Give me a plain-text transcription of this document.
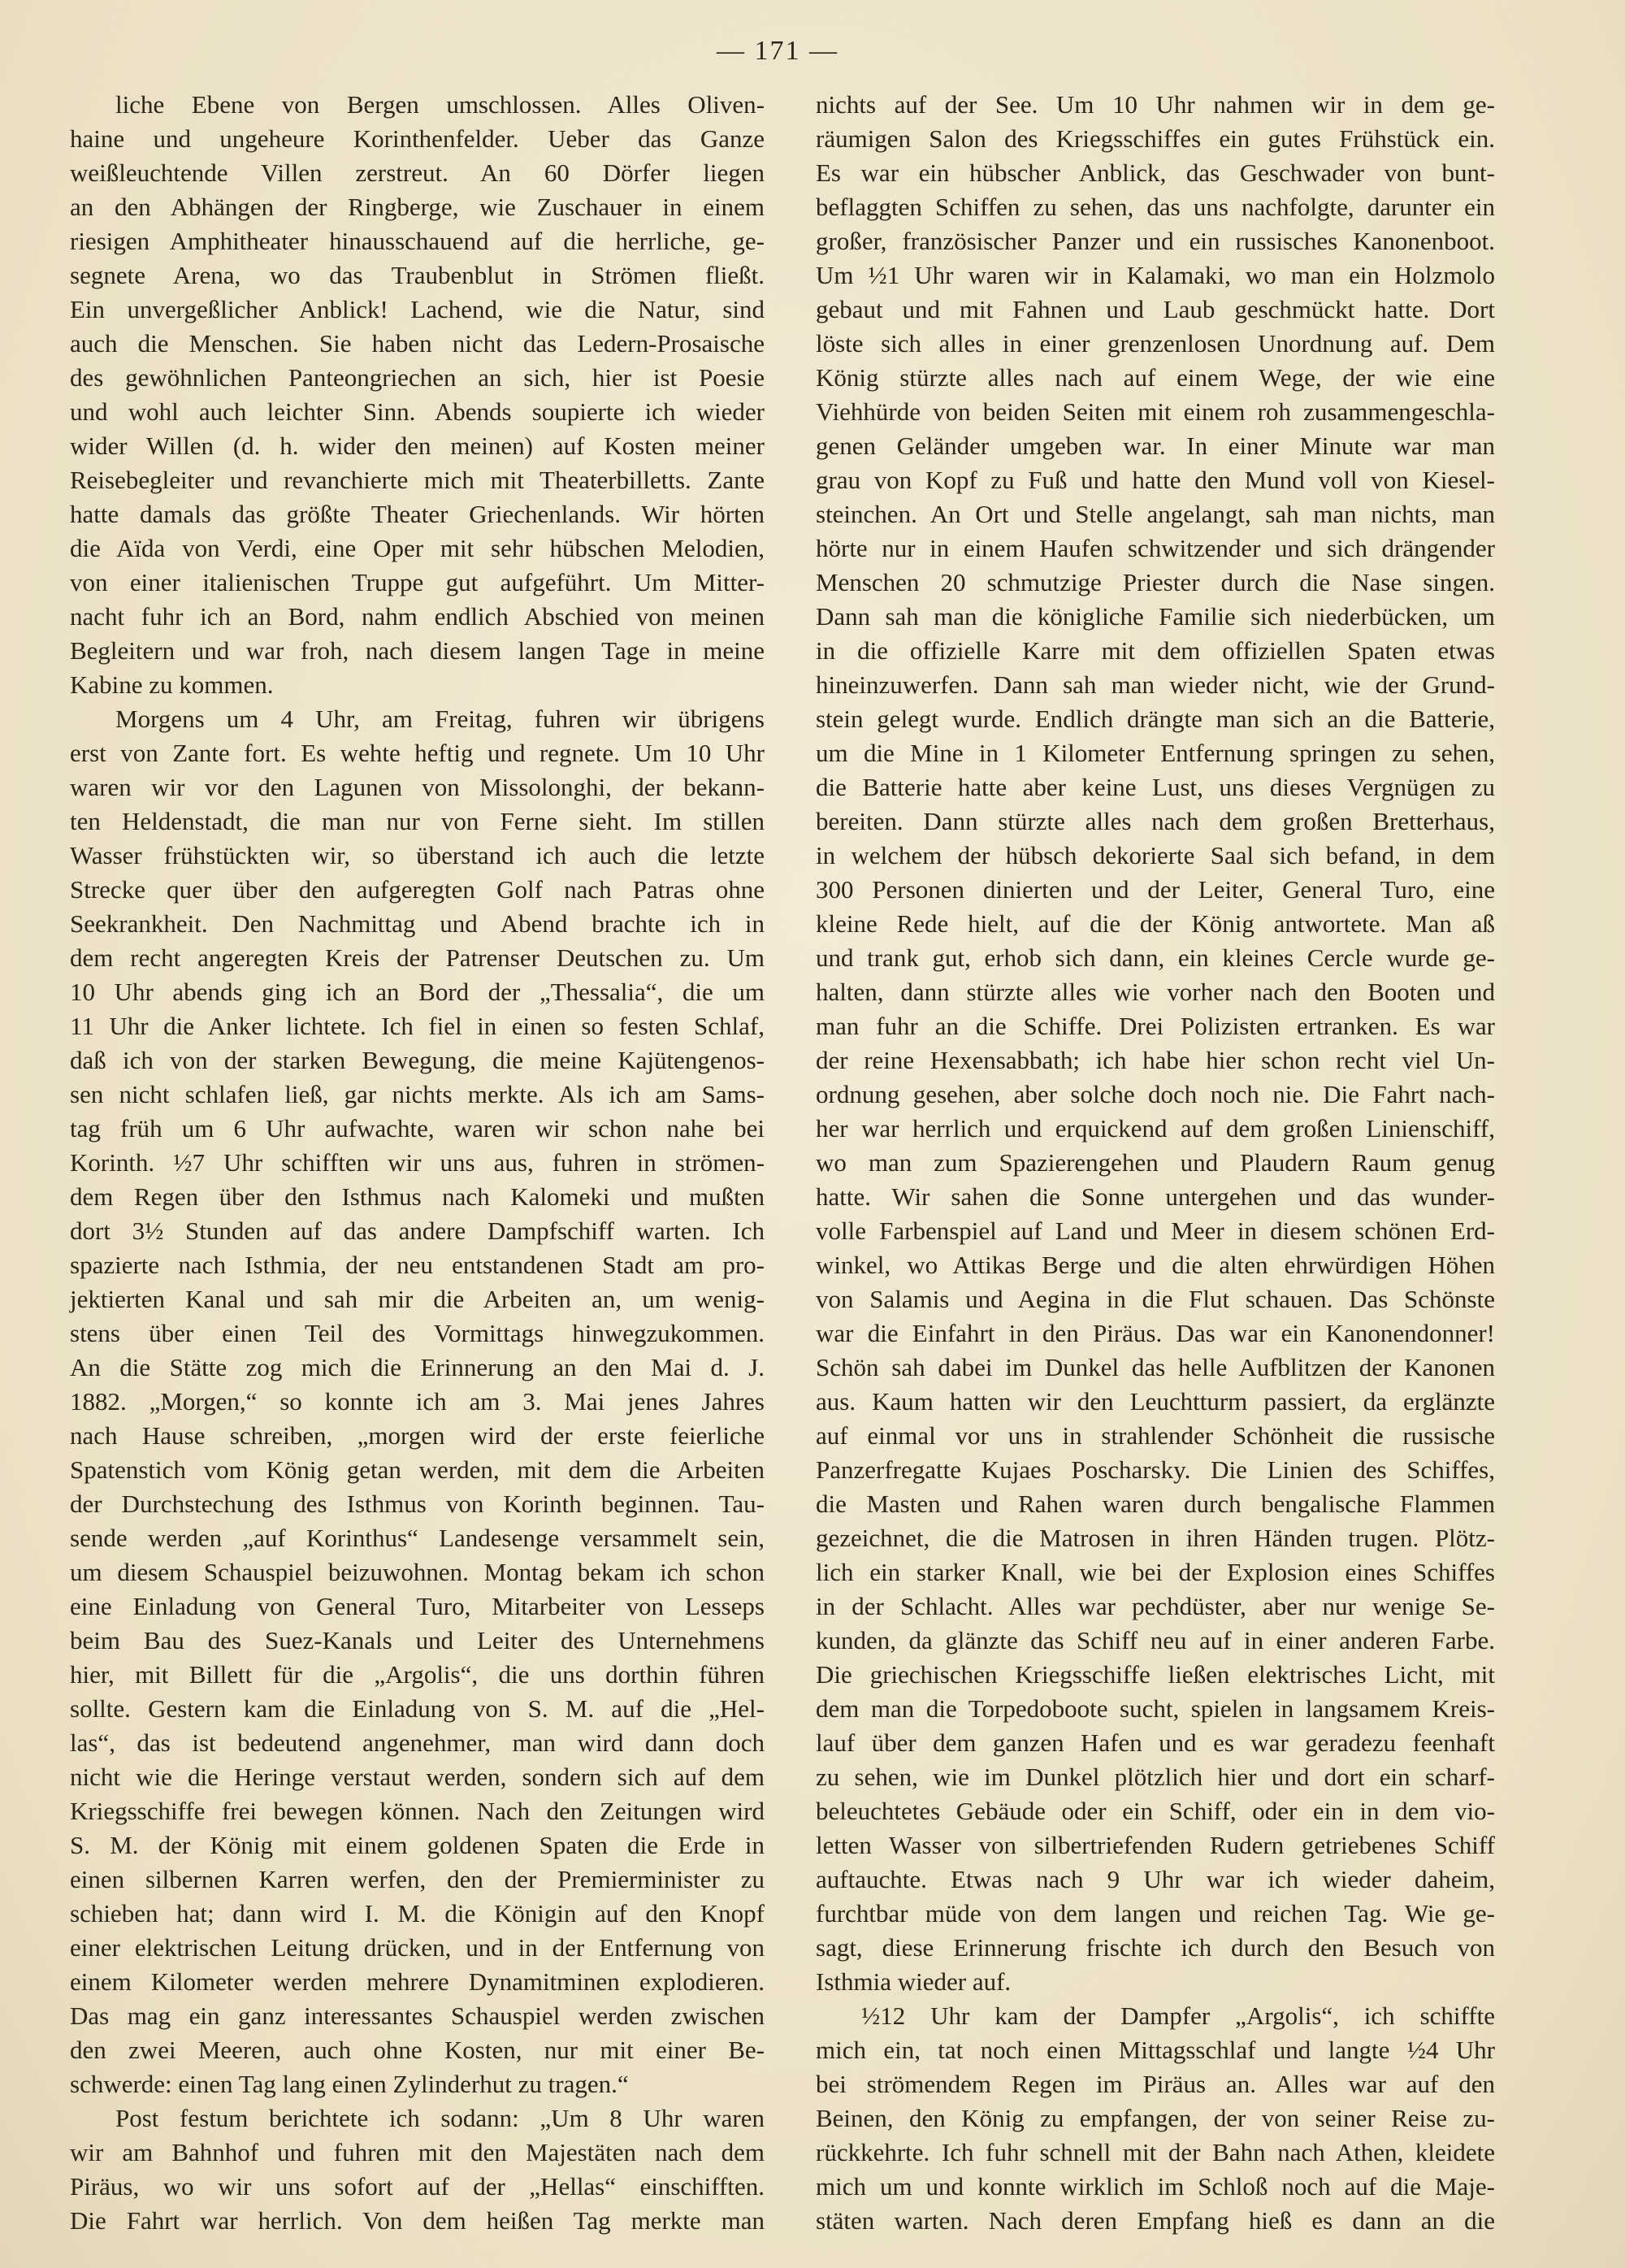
— 171 —
liche Ebene von Bergen umschlossen. Alles Oliven-
haine und ungeheure Korinthenfelder. Ueber das Ganze
weißleuchtende Villen zerstreut. An 60 Dörfer liegen
an den Abhängen der Ringberge, wie Zuschauer in einem
riesigen Amphitheater hinausschauend auf die herrliche, ge-
segnete Arena, wo das Traubenblut in Strömen fließt.
Ein unvergeßlicher Anblick! Lachend, wie die Natur, sind
auch die Menschen. Sie haben nicht das Ledern-Prosaische
des gewöhnlichen Panteongriechen an sich, hier ist Poesie
und wohl auch leichter Sinn. Abends soupierte ich wieder
wider Willen (d. h. wider den meinen) auf Kosten meiner
Reisebegleiter und revanchierte mich mit Theaterbilletts. Zante
hatte damals das größte Theater Griechenlands. Wir hörten
die Aïda von Verdi, eine Oper mit sehr hübschen Melodien,
von einer italienischen Truppe gut aufgeführt. Um Mitter-
nacht fuhr ich an Bord, nahm endlich Abschied von meinen
Begleitern und war froh, nach diesem langen Tage in meine
Kabine zu kommen.
Morgens um 4 Uhr, am Freitag, fuhren wir übrigens
erst von Zante fort. Es wehte heftig und regnete. Um 10 Uhr
waren wir vor den Lagunen von Missolonghi, der bekann-
ten Heldenstadt, die man nur von Ferne sieht. Im stillen
Wasser frühstückten wir, so überstand ich auch die letzte
Strecke quer über den aufgeregten Golf nach Patras ohne
Seekrankheit. Den Nachmittag und Abend brachte ich in
dem recht angeregten Kreis der Patrenser Deutschen zu. Um
10 Uhr abends ging ich an Bord der „Thessalia“, die um
11 Uhr die Anker lichtete. Ich fiel in einen so festen Schlaf,
daß ich von der starken Bewegung, die meine Kajütengenos-
sen nicht schlafen ließ, gar nichts merkte. Als ich am Sams-
tag früh um 6 Uhr aufwachte, waren wir schon nahe bei
Korinth. ½7 Uhr schifften wir uns aus, fuhren in strömen-
dem Regen über den Isthmus nach Kalomeki und mußten
dort 3½ Stunden auf das andere Dampfschiff warten. Ich
spazierte nach Isthmia, der neu entstandenen Stadt am pro-
jektierten Kanal und sah mir die Arbeiten an, um wenig-
stens über einen Teil des Vormittags hinwegzukommen.
An die Stätte zog mich die Erinnerung an den Mai d. J.
1882. „Morgen,“ so konnte ich am 3. Mai jenes Jahres
nach Hause schreiben, „morgen wird der erste feierliche
Spatenstich vom König getan werden, mit dem die Arbeiten
der Durchstechung des Isthmus von Korinth beginnen. Tau-
sende werden „auf Korinthus“ Landesenge versammelt sein,
um diesem Schauspiel beizuwohnen. Montag bekam ich schon
eine Einladung von General Turo, Mitarbeiter von Lesseps
beim Bau des Suez-Kanals und Leiter des Unternehmens
hier, mit Billett für die „Argolis“, die uns dorthin führen
sollte. Gestern kam die Einladung von S. M. auf die „Hel-
las“, das ist bedeutend angenehmer, man wird dann doch
nicht wie die Heringe verstaut werden, sondern sich auf dem
Kriegsschiffe frei bewegen können. Nach den Zeitungen wird
S. M. der König mit einem goldenen Spaten die Erde in
einen silbernen Karren werfen, den der Premierminister zu
schieben hat; dann wird I. M. die Königin auf den Knopf
einer elektrischen Leitung drücken, und in der Entfernung von
einem Kilometer werden mehrere Dynamitminen explodieren.
Das mag ein ganz interessantes Schauspiel werden zwischen
den zwei Meeren, auch ohne Kosten, nur mit einer Be-
schwerde: einen Tag lang einen Zylinderhut zu tragen.“
Post festum berichtete ich sodann: „Um 8 Uhr waren
wir am Bahnhof und fuhren mit den Majestäten nach dem
Piräus, wo wir uns sofort auf der „Hellas“ einschifften.
Die Fahrt war herrlich. Von dem heißen Tag merkte man
nichts auf der See. Um 10 Uhr nahmen wir in dem ge-
räumigen Salon des Kriegsschiffes ein gutes Frühstück ein.
Es war ein hübscher Anblick, das Geschwader von bunt-
beflaggten Schiffen zu sehen, das uns nachfolgte, darunter ein
großer, französischer Panzer und ein russisches Kanonenboot.
Um ½1 Uhr waren wir in Kalamaki, wo man ein Holzmolo
gebaut und mit Fahnen und Laub geschmückt hatte. Dort
löste sich alles in einer grenzenlosen Unordnung auf. Dem
König stürzte alles nach auf einem Wege, der wie eine
Viehhürde von beiden Seiten mit einem roh zusammengeschla-
genen Geländer umgeben war. In einer Minute war man
grau von Kopf zu Fuß und hatte den Mund voll von Kiesel-
steinchen. An Ort und Stelle angelangt, sah man nichts, man
hörte nur in einem Haufen schwitzender und sich drängender
Menschen 20 schmutzige Priester durch die Nase singen.
Dann sah man die königliche Familie sich niederbücken, um
in die offizielle Karre mit dem offiziellen Spaten etwas
hineinzuwerfen. Dann sah man wieder nicht, wie der Grund-
stein gelegt wurde. Endlich drängte man sich an die Batterie,
um die Mine in 1 Kilometer Entfernung springen zu sehen,
die Batterie hatte aber keine Lust, uns dieses Vergnügen zu
bereiten. Dann stürzte alles nach dem großen Bretterhaus,
in welchem der hübsch dekorierte Saal sich befand, in dem
300 Personen dinierten und der Leiter, General Turo, eine
kleine Rede hielt, auf die der König antwortete. Man aß
und trank gut, erhob sich dann, ein kleines Cercle wurde ge-
halten, dann stürzte alles wie vorher nach den Booten und
man fuhr an die Schiffe. Drei Polizisten ertranken. Es war
der reine Hexensabbath; ich habe hier schon recht viel Un-
ordnung gesehen, aber solche doch noch nie. Die Fahrt nach-
her war herrlich und erquickend auf dem großen Linienschiff,
wo man zum Spazierengehen und Plaudern Raum genug
hatte. Wir sahen die Sonne untergehen und das wunder-
volle Farbenspiel auf Land und Meer in diesem schönen Erd-
winkel, wo Attikas Berge und die alten ehrwürdigen Höhen
von Salamis und Aegina in die Flut schauen. Das Schönste
war die Einfahrt in den Piräus. Das war ein Kanonendonner!
Schön sah dabei im Dunkel das helle Aufblitzen der Kanonen
aus. Kaum hatten wir den Leuchtturm passiert, da erglänzte
auf einmal vor uns in strahlender Schönheit die russische
Panzerfregatte Kujaes Poscharsky. Die Linien des Schiffes,
die Masten und Rahen waren durch bengalische Flammen
gezeichnet, die die Matrosen in ihren Händen trugen. Plötz-
lich ein starker Knall, wie bei der Explosion eines Schiffes
in der Schlacht. Alles war pechdüster, aber nur wenige Se-
kunden, da glänzte das Schiff neu auf in einer anderen Farbe.
Die griechischen Kriegsschiffe ließen elektrisches Licht, mit
dem man die Torpedoboote sucht, spielen in langsamem Kreis-
lauf über dem ganzen Hafen und es war geradezu feenhaft
zu sehen, wie im Dunkel plötzlich hier und dort ein scharf-
beleuchtetes Gebäude oder ein Schiff, oder ein in dem vio-
letten Wasser von silbertriefenden Rudern getriebenes Schiff
auftauchte. Etwas nach 9 Uhr war ich wieder daheim,
furchtbar müde von dem langen und reichen Tag. Wie ge-
sagt, diese Erinnerung frischte ich durch den Besuch von
Isthmia wieder auf.
½12 Uhr kam der Dampfer „Argolis“, ich schiffte
mich ein, tat noch einen Mittagsschlaf und langte ½4 Uhr
bei strömendem Regen im Piräus an. Alles war auf den
Beinen, den König zu empfangen, der von seiner Reise zu-
rückkehrte. Ich fuhr schnell mit der Bahn nach Athen, kleidete
mich um und konnte wirklich im Schloß noch auf die Maje-
stäten warten. Nach deren Empfang hieß es dann an die
